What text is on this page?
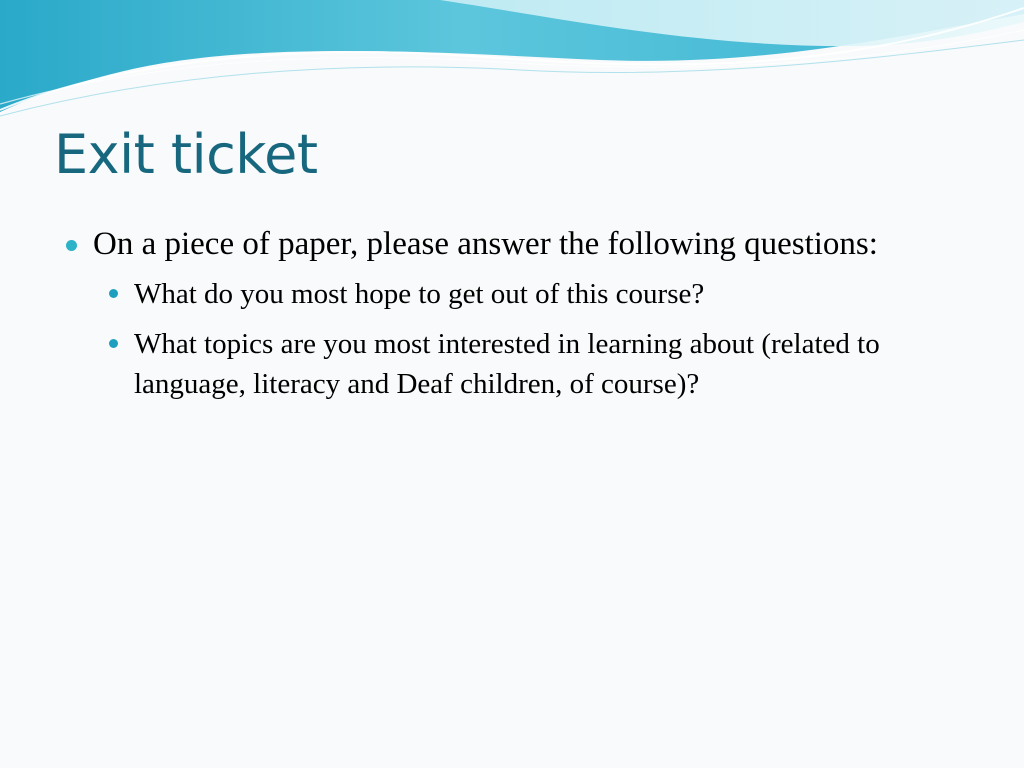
Exit ticket
On a piece of paper, please answer the following questions:
What do you most hope to get out of this course?
What topics are you most interested in learning about (related to language, literacy and Deaf children, of course)?
